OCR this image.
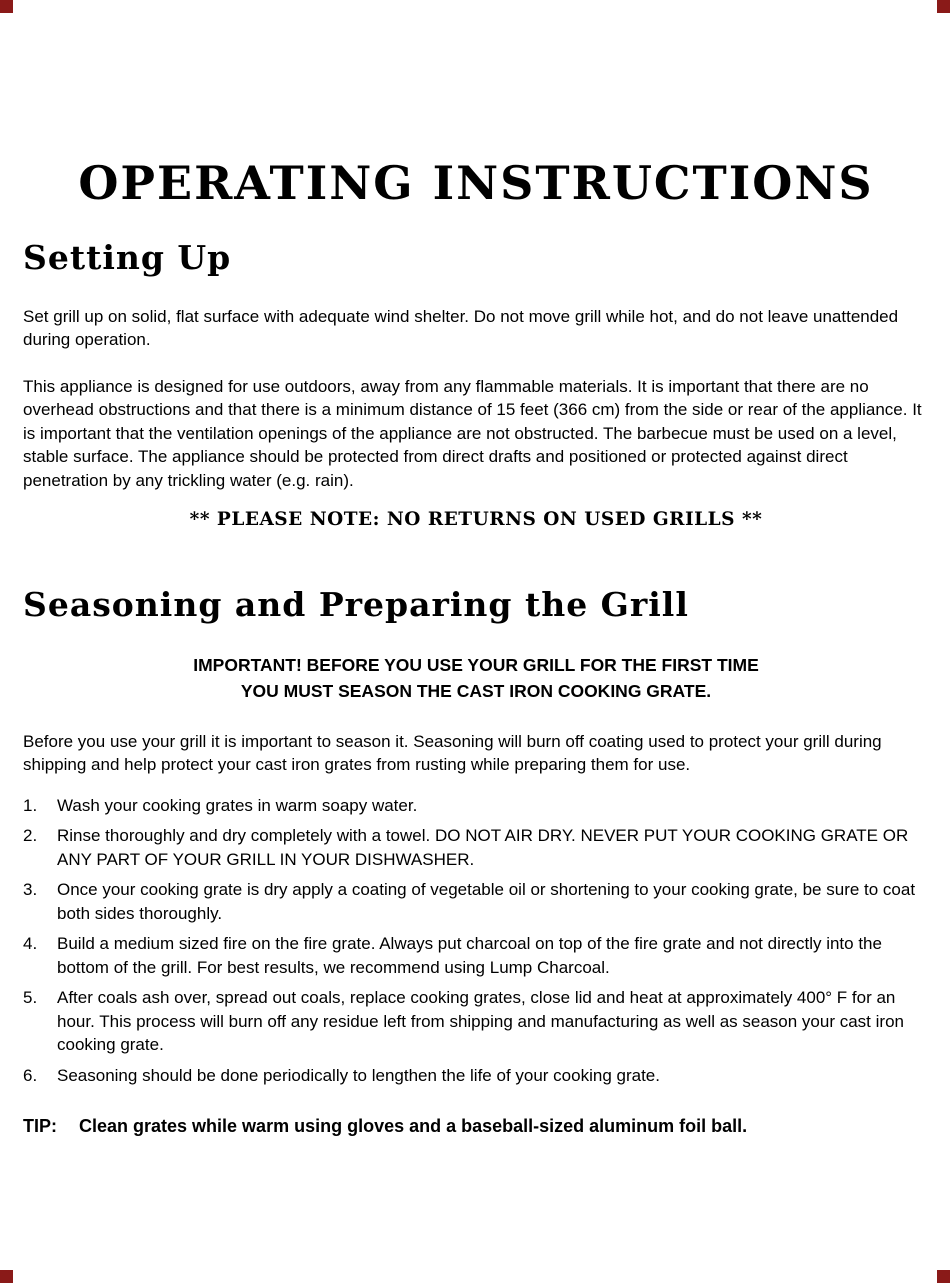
OPERATING INSTRUCTIONS
Setting Up

Set grill up on solid, flat surface with adequate wind shelter. Do not move grill while hot, and do not leave unattended during operation.

This appliance is designed for use outdoors, away from any flammable materials. It is important that there are no overhead obstructions and that there is a minimum distance of 15 feet (366 cm) from the side or rear of the appliance. It is important that the ventilation openings of the appliance are not obstructed. The barbecue must be used on a level, stable surface. The appliance should be protected from direct drafts and positioned or protected against direct penetration by any trickling water (e.g. rain).

** PLEASE NOTE: NO RETURNS ON USED GRILLS **

Seasoning and Preparing the Grill
IMPORTANT! BEFORE YOU USE YOUR GRILL FOR THE FIRST TIME
YOU MUST SEASON THE CAST IRON COOKING GRATE.

Before you use your grill it is important to season it. Seasoning will burn off coating used to protect your grill during shipping and help protect your cast iron grates from rusting while preparing them for use.

1.	Wash your cooking grates in warm soapy water.
2.	Rinse thoroughly and dry completely with a towel. DO NOT AIR DRY. NEVER PUT YOUR COOKING GRATE OR ANY PART OF YOUR GRILL IN YOUR DISHWASHER.
3.	Once your cooking grate is dry apply a coating of vegetable oil or shortening to your cooking grate, be sure to coat both sides thoroughly.
4.	Build a medium sized fire on the fire grate. Always put charcoal on top of the fire grate and not directly into the bottom of the grill. For best results, we recommend using Lump Charcoal.
5.	After coals ash over, spread out coals, replace cooking grates, close lid and heat at approximately 400° F for an hour. This process will burn off any residue left from shipping and manufacturing as well as season your cast iron cooking grate.
6.	Seasoning should be done periodically to lengthen the life of your cooking grate.

TIP: Clean grates while warm using gloves and a baseball-sized aluminum foil ball.
